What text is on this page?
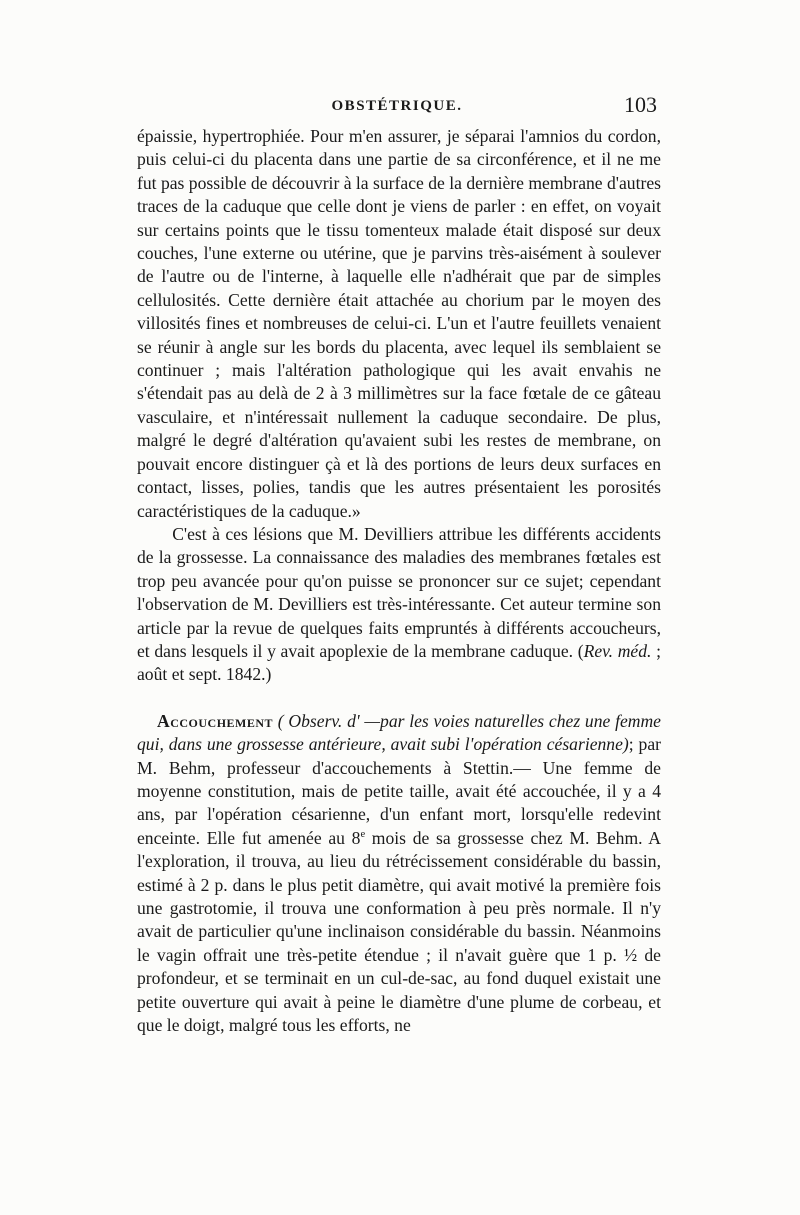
OBSTÉTRIQUE.	103

épaissie, hypertrophiée. Pour m'en assurer, je séparai l'amnios du cordon, puis celui-ci du placenta dans une partie de sa circonférence, et il ne me fut pas possible de découvrir à la surface de la dernière membrane d'autres traces de la caduque que celle dont je viens de parler : en effet, on voyait sur certains points que le tissu tomenteux malade était disposé sur deux couches, l'une externe ou utérine, que je parvins très-aisément à soulever de l'autre ou de l'interne, à laquelle elle n'adhérait que par de simples cellulosités. Cette dernière était attachée au chorium par le moyen des villosités fines et nombreuses de celui-ci. L'un et l'autre feuillets venaient se réunir à angle sur les bords du placenta, avec lequel ils semblaient se continuer ; mais l'altération pathologique qui les avait envahis ne s'étendait pas au delà de 2 à 3 millimètres sur la face fœtale de ce gâteau vasculaire, et n'intéressait nullement la caduque secondaire. De plus, malgré le degré d'altération qu'avaient subi les restes de membrane, on pouvait encore distinguer çà et là des portions de leurs deux surfaces en contact, lisses, polies, tandis que les autres présentaient les porosités caractéristiques de la caduque.»

C'est à ces lésions que M. Devilliers attribue les différents accidents de la grossesse. La connaissance des maladies des membranes fœtales est trop peu avancée pour qu'on puisse se prononcer sur ce sujet; cependant l'observation de M. Devilliers est très-intéressante. Cet auteur termine son article par la revue de quelques faits empruntés à différents accoucheurs, et dans lesquels il y avait apoplexie de la membrane caduque. (Rev. méd. ; août et sept. 1842.)

Accouchement ( Observ. d' —par les voies naturelles chez une femme qui, dans une grossesse antérieure, avait subi l'opération césarienne); par M. Behm, professeur d'accouchements à Stettin.— Une femme de moyenne constitution, mais de petite taille, avait été accouchée, il y a 4 ans, par l'opération césarienne, d'un enfant mort, lorsqu'elle redevint enceinte. Elle fut amenée au 8e mois de sa grossesse chez M. Behm. A l'exploration, il trouva, au lieu du rétrécissement considérable du bassin, estimé à 2 p. dans le plus petit diamètre, qui avait motivé la première fois une gastrotomie, il trouva une conformation à peu près normale. Il n'y avait de particulier qu'une inclinaison considérable du bassin. Néanmoins le vagin offrait une très-petite étendue ; il n'avait guère que 1 p. ½ de profondeur, et se terminait en un cul-de-sac, au fond duquel existait une petite ouverture qui avait à peine le diamètre d'une plume de corbeau, et que le doigt, malgré tous les efforts, ne
